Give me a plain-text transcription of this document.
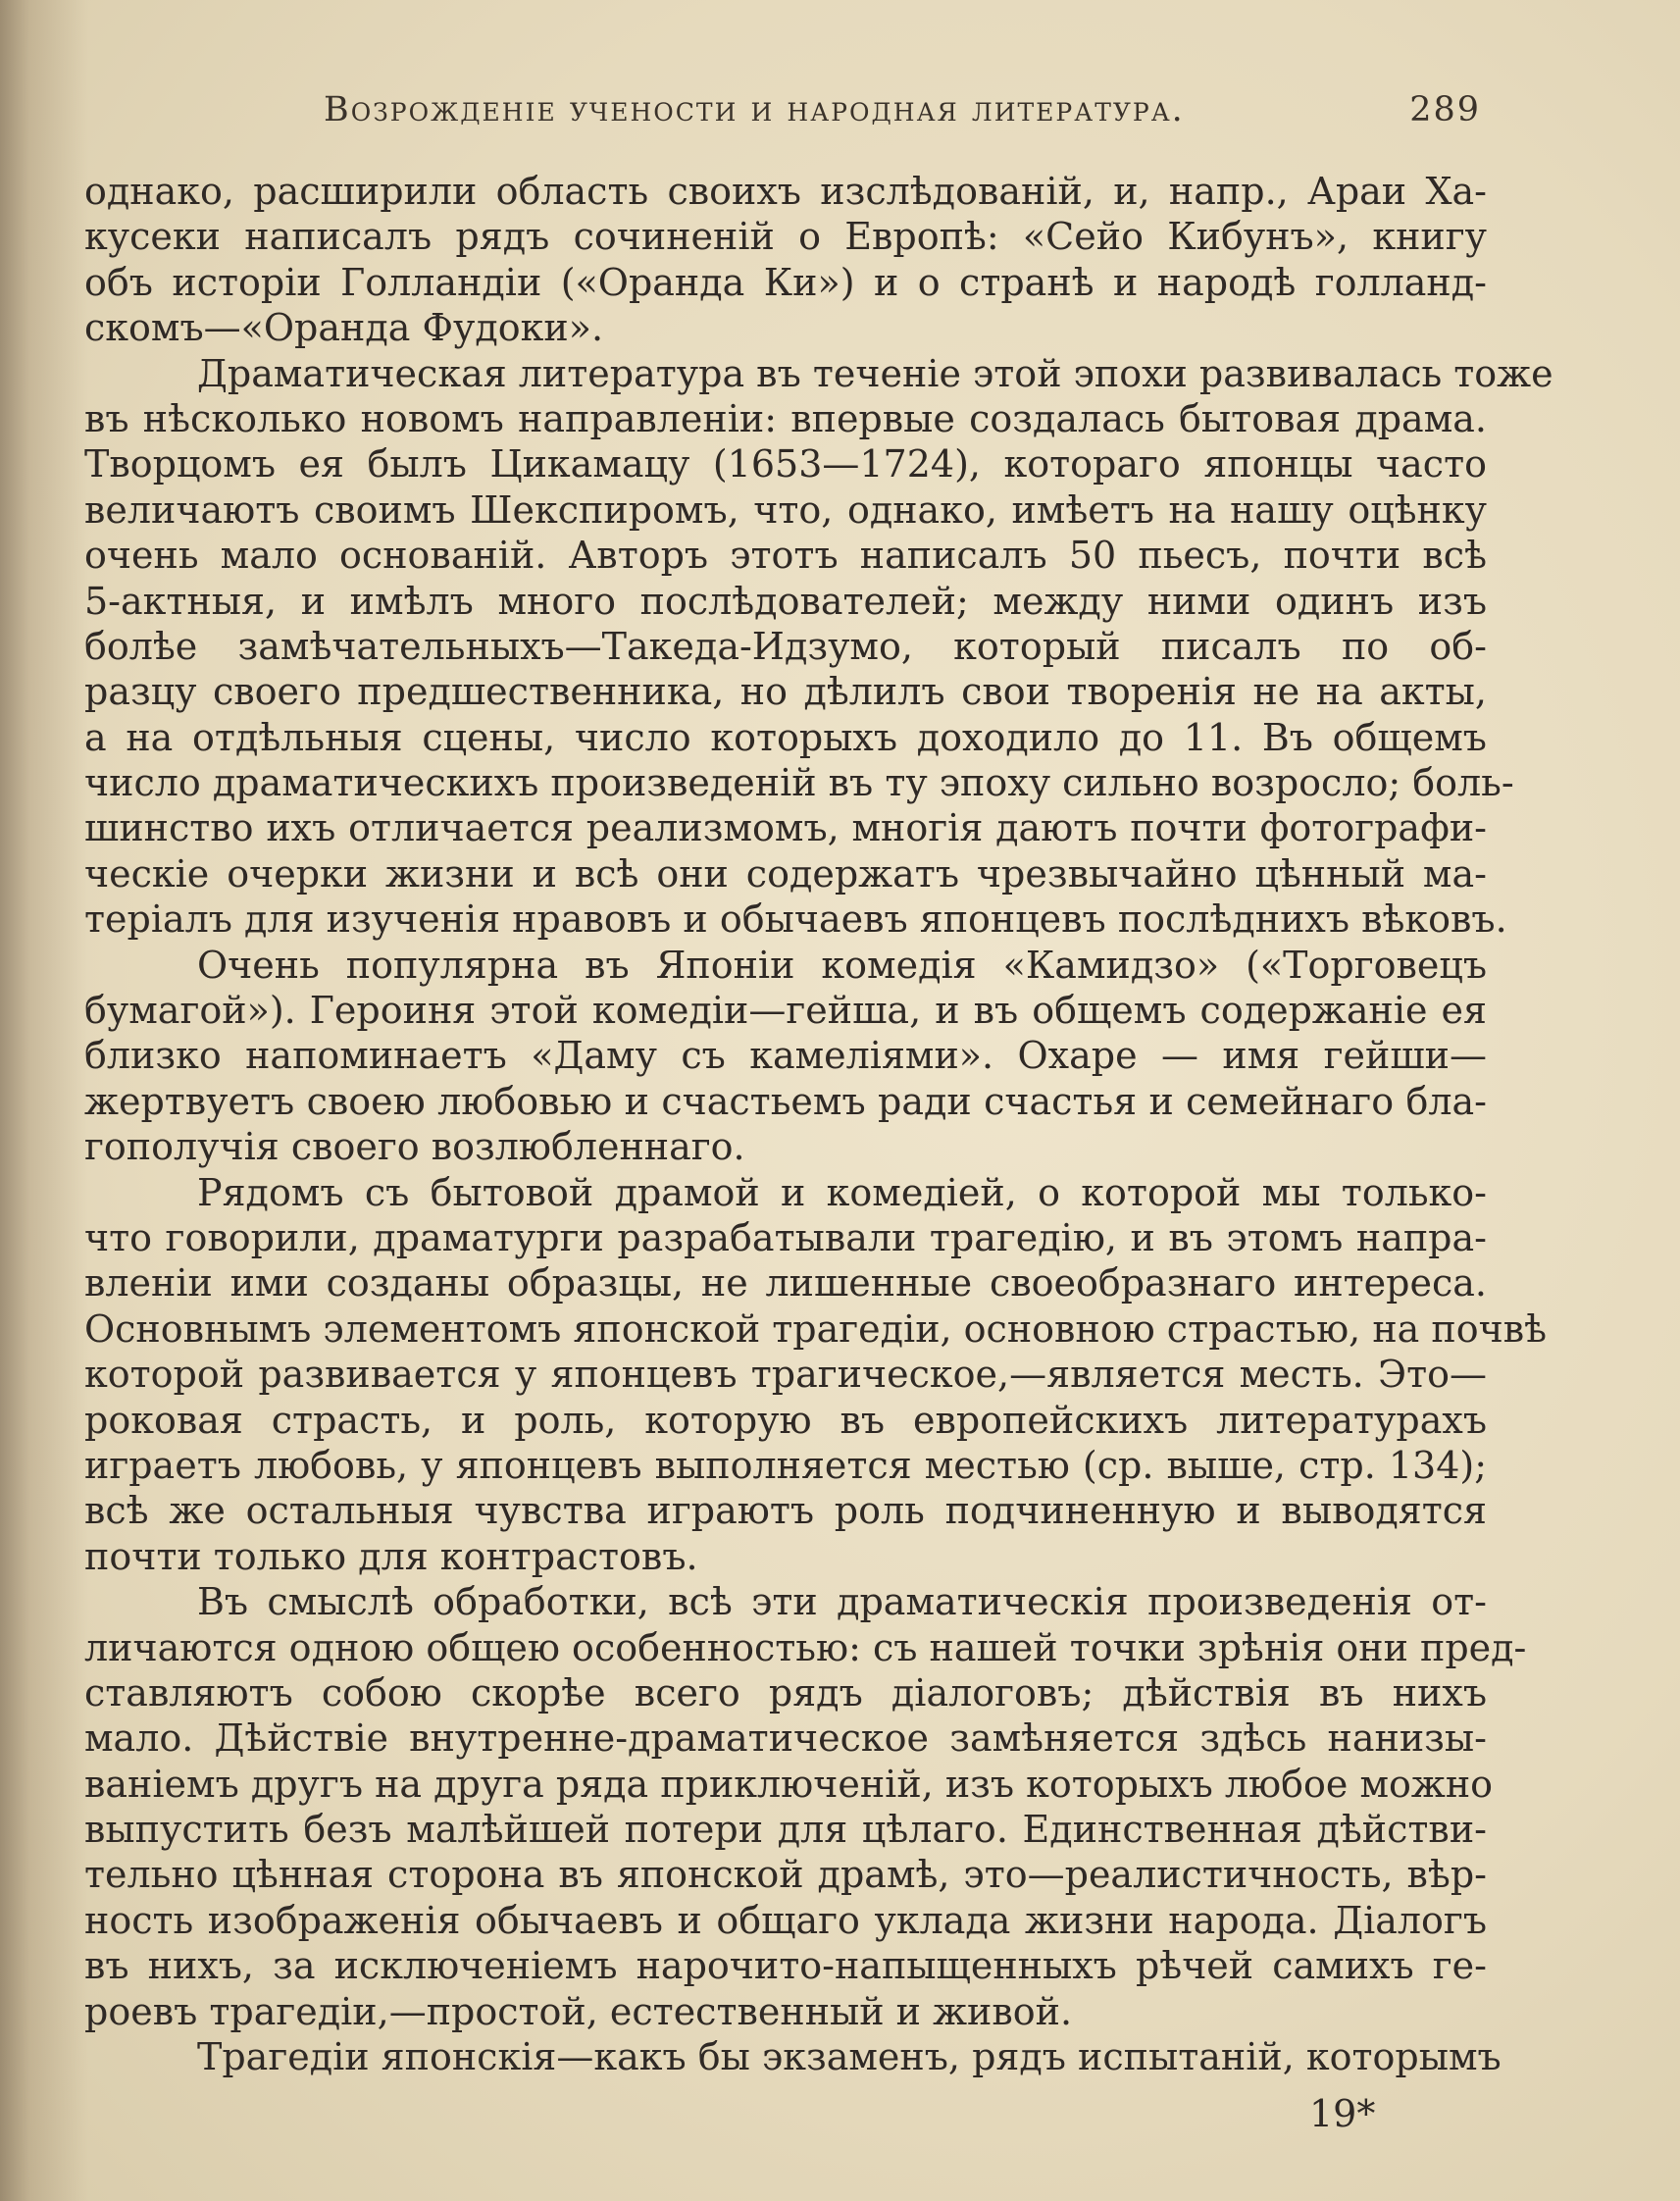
Возрожденіе учености и народная литература.	289
однако, расширили область своихъ изслѣдованій, и, напр., Араи Ха-
кусеки написалъ рядъ сочиненій о Европѣ: «Сейо Кибунъ», книгу
объ исторіи Голландіи («Оранда Ки») и о странѣ и народѣ голланд-
скомъ—«Оранда Фудоки».
Драматическая литература въ теченіе этой эпохи развивалась тоже
въ нѣсколько новомъ направленіи: впервые создалась бытовая драма.
Творцомъ ея былъ Цикамацу (1653—1724), котораго японцы часто
величаютъ своимъ Шекспиромъ, что, однако, имѣетъ на нашу оцѣнку
очень мало основаній. Авторъ этотъ написалъ 50 пьесъ, почти всѣ
5-актныя, и имѣлъ много послѣдователей; между ними одинъ изъ
болѣе замѣчательныхъ—Такеда-Идзумо, который писалъ по об-
разцу своего предшественника, но дѣлилъ свои творенія не на акты,
а на отдѣльныя сцены, число которыхъ доходило до 11. Въ общемъ
число драматическихъ произведеній въ ту эпоху сильно возросло; боль-
шинство ихъ отличается реализмомъ, многія даютъ почти фотографи-
ческіе очерки жизни и всѣ они содержатъ чрезвычайно цѣнный ма-
теріалъ для изученія нравовъ и обычаевъ японцевъ послѣднихъ вѣковъ.
Очень популярна въ Японіи комедія «Камидзо» («Торговецъ
бумагой»). Героиня этой комедіи—гейша, и въ общемъ содержаніе ея
близко напоминаетъ «Даму съ камеліями». Охаре — имя гейши—
жертвуетъ своею любовью и счастьемъ ради счастья и семейнаго бла-
гополучія своего возлюбленнаго.
Рядомъ съ бытовой драмой и комедіей, о которой мы только-
что говорили, драматурги разрабатывали трагедію, и въ этомъ напра-
вленіи ими созданы образцы, не лишенные своеобразнаго интереса.
Основнымъ элементомъ японской трагедіи, основною страстью, на почвѣ
которой развивается у японцевъ трагическое,—является месть. Это—
роковая страсть, и роль, которую въ европейскихъ литературахъ
играетъ любовь, у японцевъ выполняется местью (ср. выше, стр. 134);
всѣ же остальныя чувства играютъ роль подчиненную и выводятся
почти только для контрастовъ.
Въ смыслѣ обработки, всѣ эти драматическія произведенія от-
личаются одною общею особенностью: съ нашей точки зрѣнія они пред-
ставляютъ собою скорѣе всего рядъ діалоговъ; дѣйствія въ нихъ
мало. Дѣйствіе внутренне-драматическое замѣняется здѣсь нанизы-
ваніемъ другъ на друга ряда приключеній, изъ которыхъ любое можно
выпустить безъ малѣйшей потери для цѣлаго. Единственная дѣйстви-
тельно цѣнная сторона въ японской драмѣ, это—реалистичность, вѣр-
ность изображенія обычаевъ и общаго уклада жизни народа. Діалогъ
въ нихъ, за исключеніемъ нарочито-напыщенныхъ рѣчей самихъ ге-
роевъ трагедіи,—простой, естественный и живой.
Трагедіи японскія—какъ бы экзаменъ, рядъ испытаній, которымъ
19*
